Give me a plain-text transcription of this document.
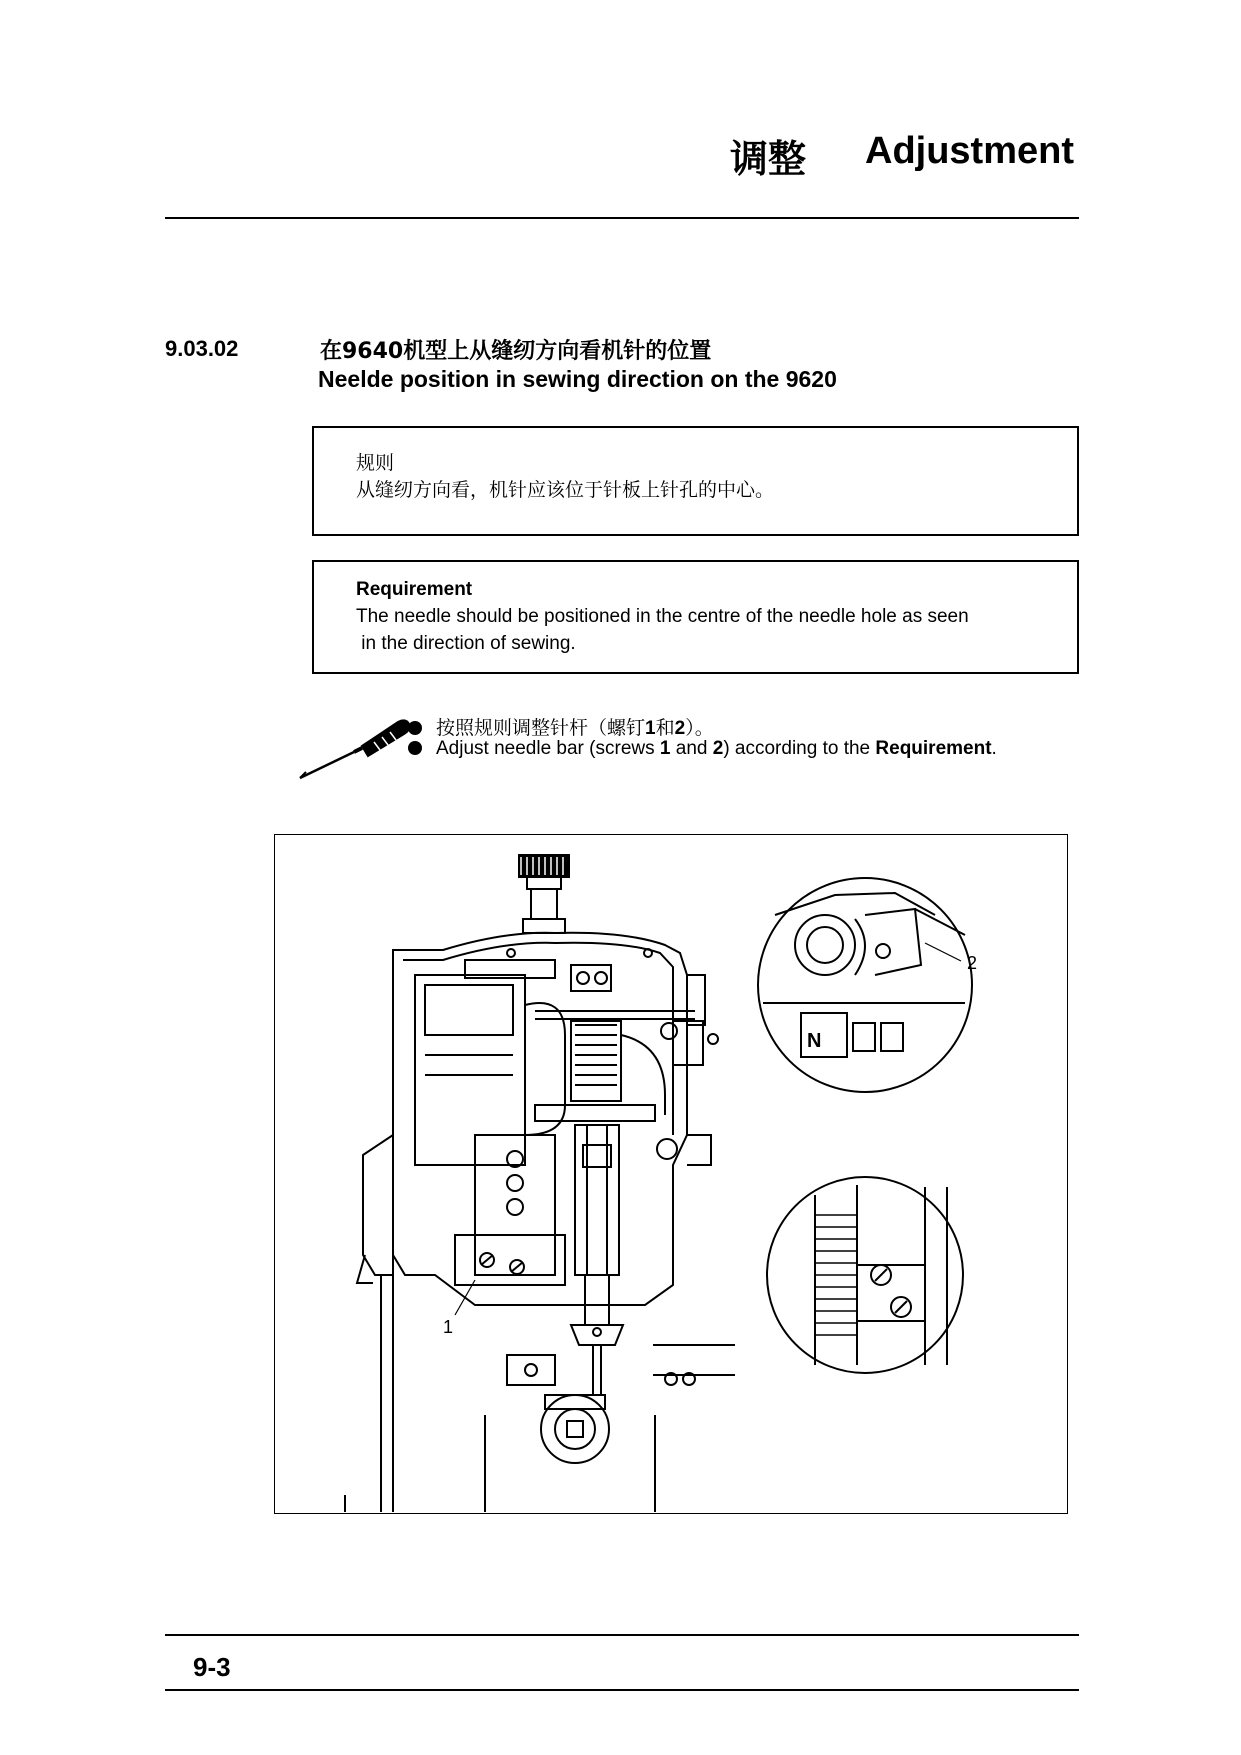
调整 Adjustment
9.03.02	在9640机型上从缝纫方向看机针的位置
Neelde position in sewing direction on the 9620
规则
从缝纫方向看，机针应该位于针板上针孔的中心。
Requirement
The needle should be positioned in the centre of the needle hole as seen
in the direction of sewing.
按照规则调整针杆（螺钉1和2）。
Adjust needle bar (screws 1 and 2) according to the Requirement.
1
N
2
9-3
